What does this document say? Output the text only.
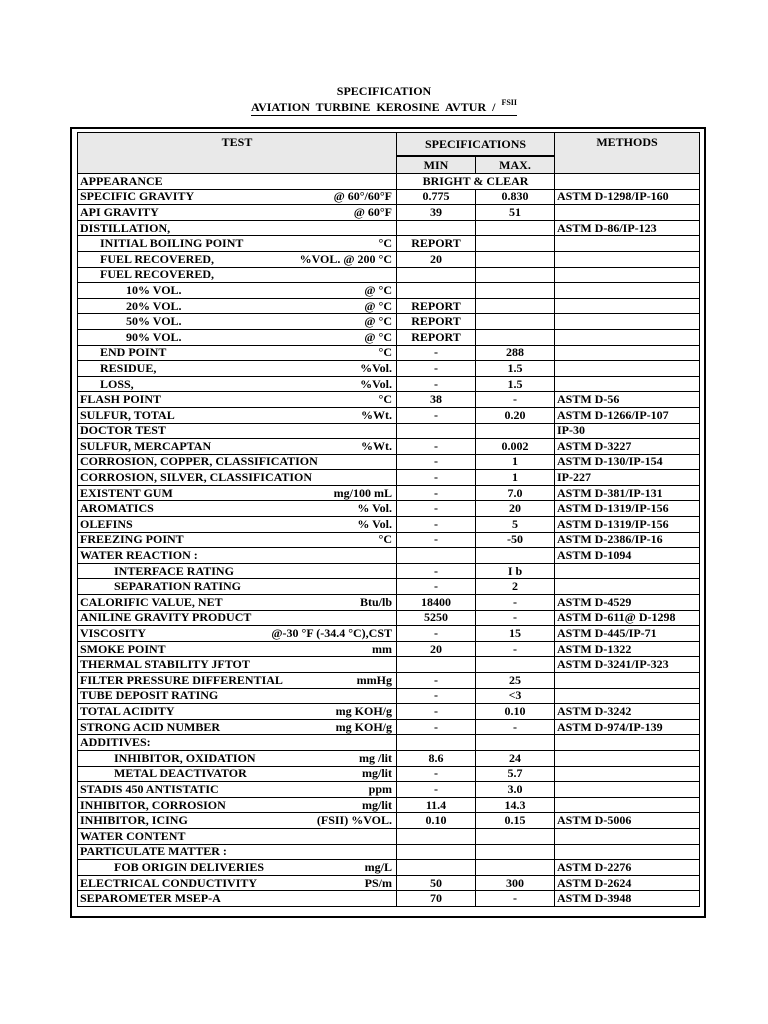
SPECIFICATION
AVIATION TURBINE KEROSINE AVTUR / $^{FSII}$
TEST	SPECIFICATIONS		METHODS
	MIN	MAX.	

APPEARANCE	BRIGHT & CLEAR		

SPECIFIC GRAVITY @ 60°/60°F	0.775	0.830	ASTM D-1298/IP-160

API GRAVITY @ 60°F	39	51	

DISTILLATION,			ASTM D-86/IP-123

INITIAL BOILING POINT °C	REPORT		

FUEL RECOVERED, %VOL. @ 200 °C	20		

FUEL RECOVERED,			

10% VOL. @ °C			

20% VOL. @ °C	REPORT		

50% VOL. @ °C	REPORT		

90% VOL. @ °C	REPORT		

END POINT °C	-	288	

RESIDUE, %Vol.	-	1.5	

LOSS, %Vol.	-	1.5	

FLASH POINT °C	38	-	ASTM D-56

SULFUR, TOTAL %Wt.	-	0.20	ASTM D-1266/IP-107

DOCTOR TEST			IP-30

SULFUR, MERCAPTAN %Wt.	-	0.002	ASTM D-3227

CORROSION, COPPER, CLASSIFICATION	-	1	ASTM D-130/IP-154

CORROSION, SILVER, CLASSIFICATION	-	1	IP-227

EXISTENT GUM mg/100 mL	-	7.0	ASTM D-381/IP-131

AROMATICS % Vol.	-	20	ASTM D-1319/IP-156

OLEFINS % Vol.	-	5	ASTM D-1319/IP-156

FREEZING POINT °C	-	-50	ASTM D-2386/IP-16

WATER REACTION :			ASTM D-1094

INTERFACE RATING	-	I b	

SEPARATION RATING	-	2	

CALORIFIC VALUE, NET Btu/lb	18400	-	ASTM D-4529

ANILINE GRAVITY PRODUCT	5250	-	ASTM D-611@ D-1298

VISCOSITY @-30 °F (-34.4 °C),CST	-	15	ASTM D-445/IP-71

SMOKE POINT mm	20	-	ASTM D-1322

THERMAL STABILITY JFTOT			ASTM D-3241/IP-323

FILTER PRESSURE DIFFERENTIAL mmHg	-	25	

TUBE DEPOSIT RATING	-	<3	

TOTAL ACIDITY mg KOH/g	-	0.10	ASTM D-3242

STRONG ACID NUMBER mg KOH/g	-	-	ASTM D-974/IP-139

ADDITIVES:			

INHIBITOR, OXIDATION mg /lit	8.6	24	

METAL DEACTIVATOR mg/lit	-	5.7	

STADIS 450 ANTISTATIC ppm	-	3.0	

INHIBITOR, CORROSION mg/lit	11.4	14.3	

INHIBITOR, ICING (FSII) %VOL.	0.10	0.15	ASTM D-5006

WATER CONTENT			

PARTICULATE MATTER :			

FOB ORIGIN DELIVERIES mg/L			ASTM D-2276

ELECTRICAL CONDUCTIVITY PS/m	50	300	ASTM D-2624

SEPAROMETER MSEP-A	70	-	ASTM D-3948
